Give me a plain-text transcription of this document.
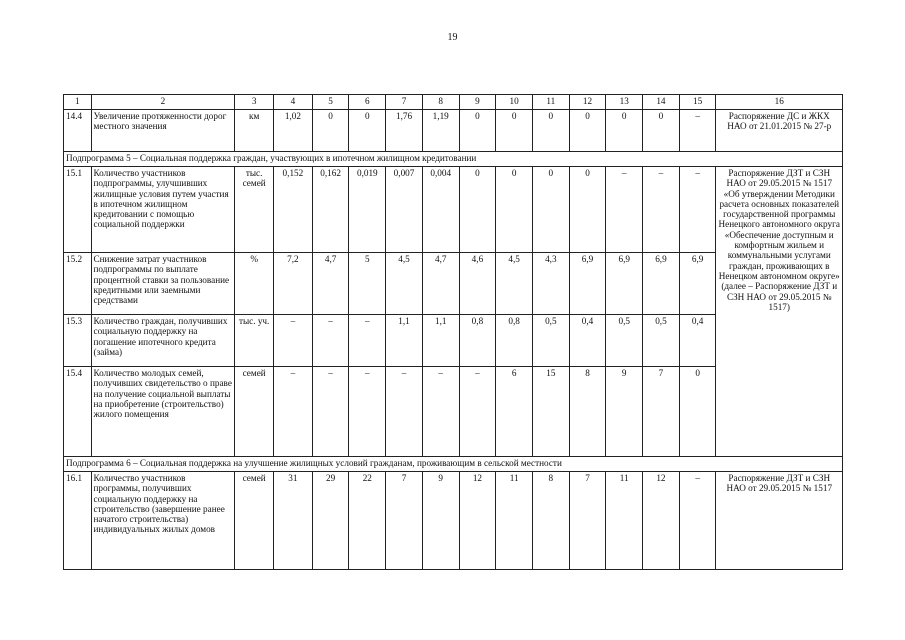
19
1	2	3	4	5	6	7	8	9	10	11	12	13	14	15	16
14.4	Увеличение протяженности дорог местного значения	км	1,02	0	0	1,76	1,19	0	0	0	0	0	0	–	Распоряжение ДС и ЖКХ НАО от 21.01.2015 № 27-р
Подпрограмма 5 – Социальная поддержка граждан, участвующих в ипотечном жилищном кредитовании															
15.1	Количество участников подпрограммы, улучшивших жилищные условия путем участия в ипотечном жилищном кредитовании с помощью социальной поддержки	тыс. семей	0,152	0,162	0,019	0,007	0,004	0	0	0	0	–	–	–	Распоряжение ДЗТ и СЗН НАО от 29.05.2015 № 1517 «Об утверждении Методики расчета основных показателей государственной программы Ненецкого автономного округа «Обеспечение доступным и комфортным жильем и коммунальными услугами граждан, проживающих в Ненецком автономном округе» (далее – Распоряжение ДЗТ и СЗН НАО от 29.05.2015 № 1517)
15.2	Снижение затрат участников подпрограммы по выплате процентной ставки за пользование кредитными или заемными средствами	%	7,2	4,7	5	4,5	4,7	4,6	4,5	4,3	6,9	6,9	6,9	6,9	
15.3	Количество граждан, получивших социальную поддержку на погашение ипотечного кредита (займа)	тыс. уч.	–	–	–	1,1	1,1	0,8	0,8	0,5	0,4	0,5	0,5	0,4	
15.4	Количество молодых семей, получивших свидетельство о праве на получение социальной выплаты на приобретение (строительство) жилого помещения	семей	–	–	–	–	–	–	6	15	8	9	7	0	
Подпрограмма 6 – Социальная поддержка на улучшение жилищных условий гражданам, проживающим в сельской местности															
16.1	Количество участников программы, получивших социальную поддержку на строительство (завершение ранее начатого строительства) индивидуальных жилых домов	семей	31	29	22	7	9	12	11	8	7	11	12	–	Распоряжение ДЗТ и СЗН НАО от 29.05.2015 № 1517
